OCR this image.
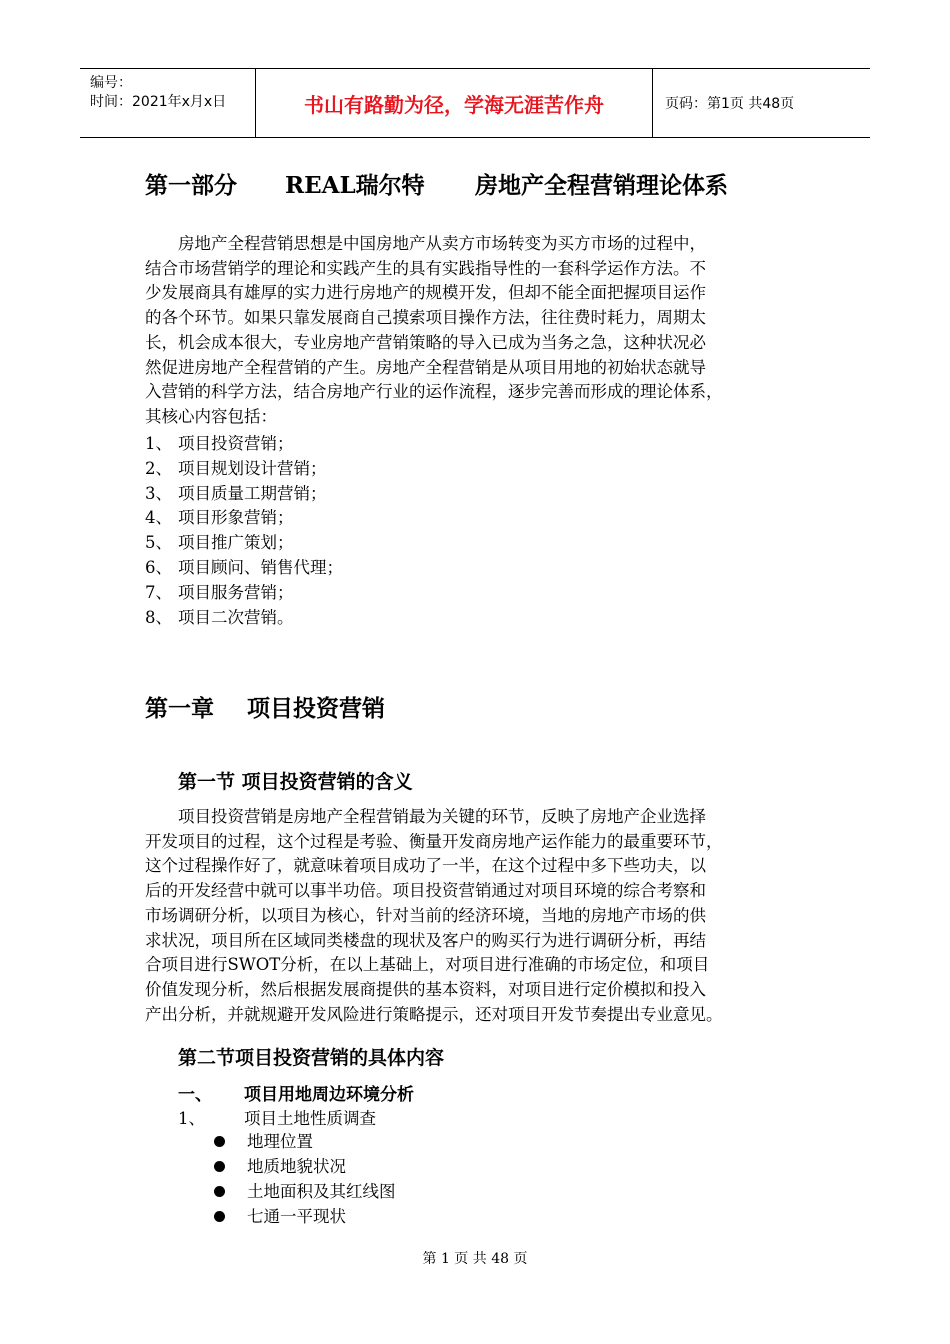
编号：
时间：2021年x月x日	书山有路勤为径，学海无涯苦作舟	页码：第1页 共48页
第一部分 REAL瑞尔特 房地产全程营销理论体系
　　房地产全程营销思想是中国房地产从卖方市场转变为买方市场的过程中，
结合市场营销学的理论和实践产生的具有实践指导性的一套科学运作方法。不
少发展商具有雄厚的实力进行房地产的规模开发，但却不能全面把握项目运作
的各个环节。如果只靠发展商自己摸索项目操作方法，往往费时耗力，周期太
长，机会成本很大，专业房地产营销策略的导入已成为当务之急，这种状况必
然促进房地产全程营销的产生。房地产全程营销是从项目用地的初始状态就导
入营销的科学方法，结合房地产行业的运作流程，逐步完善而形成的理论体系，
其核心内容包括：
1、 项目投资营销；
2、 项目规划设计营销；
3、 项目质量工期营销；
4、 项目形象营销；
5、 项目推广策划；
6、 项目顾问、销售代理；
7、 项目服务营销；
8、 项目二次营销。
第一章 项目投资营销
第一节 项目投资营销的含义
　　项目投资营销是房地产全程营销最为关键的环节，反映了房地产企业选择
开发项目的过程，这个过程是考验、衡量开发商房地产运作能力的最重要环节，
这个过程操作好了，就意味着项目成功了一半，在这个过程中多下些功夫，以
后的开发经营中就可以事半功倍。项目投资营销通过对项目环境的综合考察和
市场调研分析，以项目为核心，针对当前的经济环境，当地的房地产市场的供
求状况，项目所在区域同类楼盘的现状及客户的购买行为进行调研分析，再结
合项目进行SWOT分析，在以上基础上，对项目进行准确的市场定位，和项目
价值发现分析，然后根据发展商提供的基本资料，对项目进行定价模拟和投入
产出分析，并就规避开发风险进行策略提示，还对项目开发节奏提出专业意见。
第二节项目投资营销的具体内容
一、 项目用地周边环境分析
1、 项目土地性质调查
地理位置
地质地貌状况
土地面积及其红线图
七通一平现状
第 1 页 共 48 页
